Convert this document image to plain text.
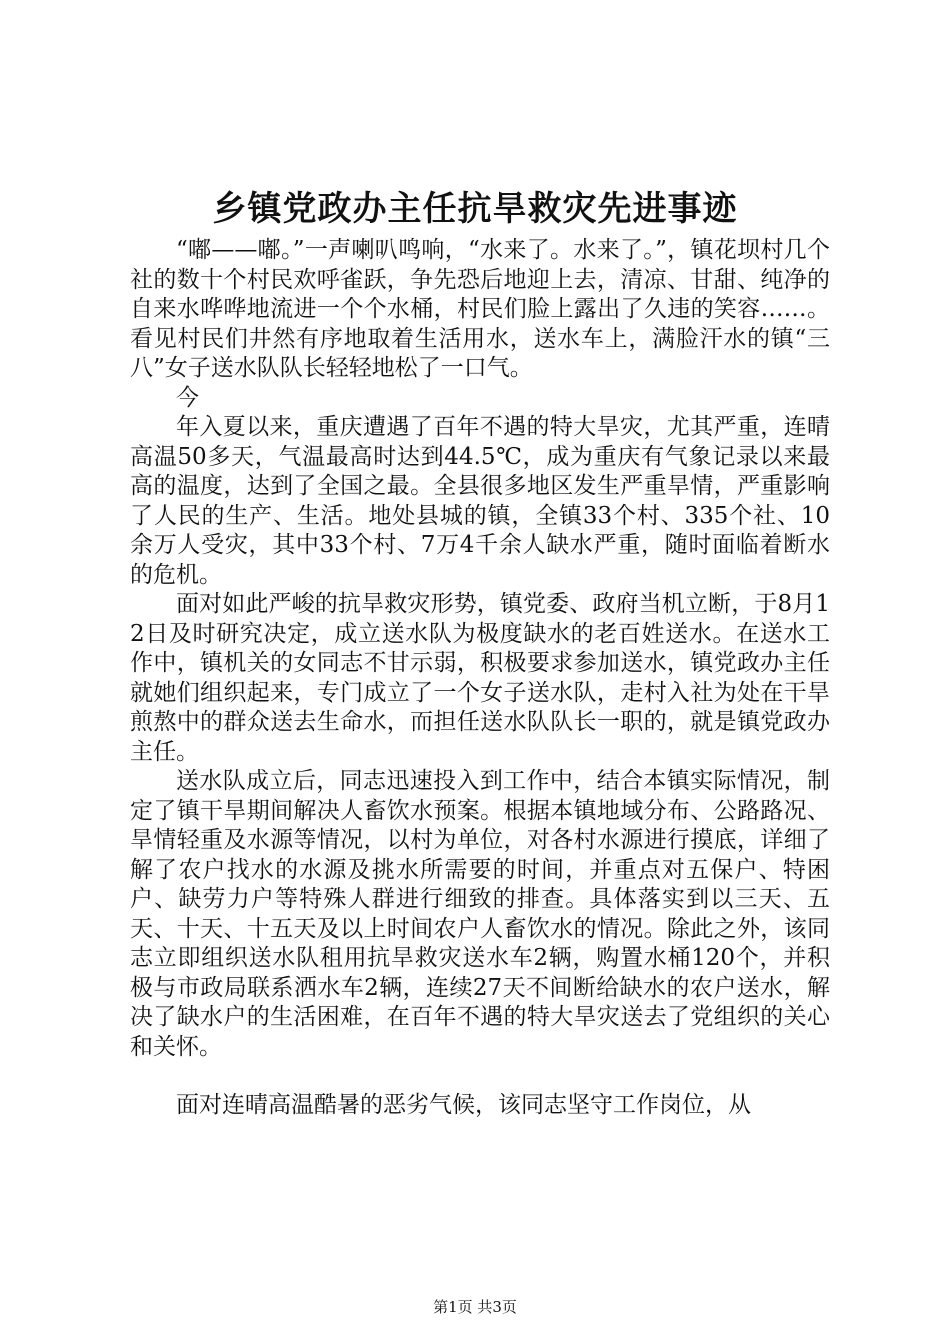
乡镇党政办主任抗旱救灾先进事迹

“嘟——嘟。”一声喇叭鸣响，“水来了。水来了。”，镇花坝村几个社的数十个村民欢呼雀跃，争先恐后地迎上去，清凉、甘甜、纯净的自来水哗哗地流进一个个水桶，村民们脸上露出了久违的笑容……。看见村民们井然有序地取着生活用水，送水车上，满脸汗水的镇“三八”女子送水队队长轻轻地松了一口气。

今

年入夏以来，重庆遭遇了百年不遇的特大旱灾，尤其严重，连晴高温50多天，气温最高时达到44.5℃，成为重庆有气象记录以来最高的温度，达到了全国之最。全县很多地区发生严重旱情，严重影响了人民的生产、生活。地处县城的镇，全镇33个村、335个社、10余万人受灾，其中33个村、7万4千余人缺水严重，随时面临着断水的危机。

面对如此严峻的抗旱救灾形势，镇党委、政府当机立断，于8月12日及时研究决定，成立送水队为极度缺水的老百姓送水。在送水工作中，镇机关的女同志不甘示弱，积极要求参加送水，镇党政办主任就她们组织起来，专门成立了一个女子送水队，走村入社为处在干旱煎熬中的群众送去生命水，而担任送水队队长一职的，就是镇党政办主任。

送水队成立后，同志迅速投入到工作中，结合本镇实际情况，制定了镇干旱期间解决人畜饮水预案。根据本镇地域分布、公路路况、旱情轻重及水源等情况，以村为单位，对各村水源进行摸底，详细了解了农户找水的水源及挑水所需要的时间，并重点对五保户、特困户、缺劳力户等特殊人群进行细致的排查。具体落实到以三天、五天、十天、十五天及以上时间农户人畜饮水的情况。除此之外，该同志立即组织送水队租用抗旱救灾送水车2辆，购置水桶120个，并积极与市政局联系洒水车2辆，连续27天不间断给缺水的农户送水，解决了缺水户的生活困难，在百年不遇的特大旱灾送去了党组织的关心和关怀。

面对连晴高温酷暑的恶劣气候，该同志坚守工作岗位，从

第1页 共3页
